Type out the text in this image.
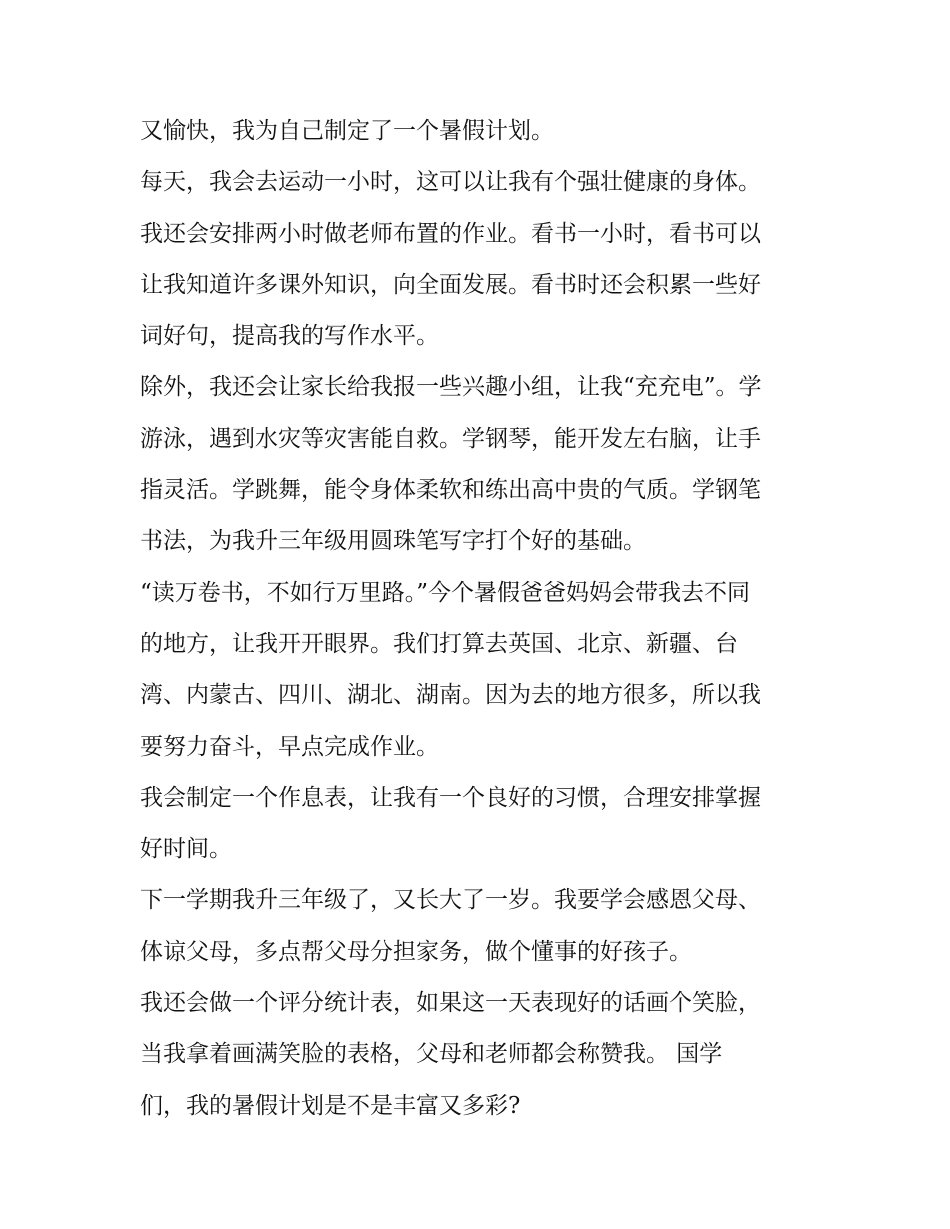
又愉快，我为自己制定了一个暑假计划。
每天，我会去运动一小时，这可以让我有个强壮健康的身体。
我还会安排两小时做老师布置的作业。看书一小时，看书可以
让我知道许多课外知识，向全面发展。看书时还会积累一些好
词好句，提高我的写作水平。
除外，我还会让家长给我报一些兴趣小组，让我“充充电”。学
游泳，遇到水灾等灾害能自救。学钢琴，能开发左右脑，让手
指灵活。学跳舞，能令身体柔软和练出高中贵的气质。学钢笔
书法，为我升三年级用圆珠笔写字打个好的基础。
“读万卷书，不如行万里路。”今个暑假爸爸妈妈会带我去不同
的地方，让我开开眼界。我们打算去英国、北京、新疆、台
湾、内蒙古、四川、湖北、湖南。因为去的地方很多，所以我
要努力奋斗，早点完成作业。
我会制定一个作息表，让我有一个良好的习惯，合理安排掌握
好时间。
下一学期我升三年级了，又长大了一岁。我要学会感恩父母、
体谅父母，多点帮父母分担家务，做个懂事的好孩子。
我还会做一个评分统计表，如果这一天表现好的话画个笑脸，
当我拿着画满笑脸的表格，父母和老师都会称赞我。 国学
们，我的暑假计划是不是丰富又多彩?
